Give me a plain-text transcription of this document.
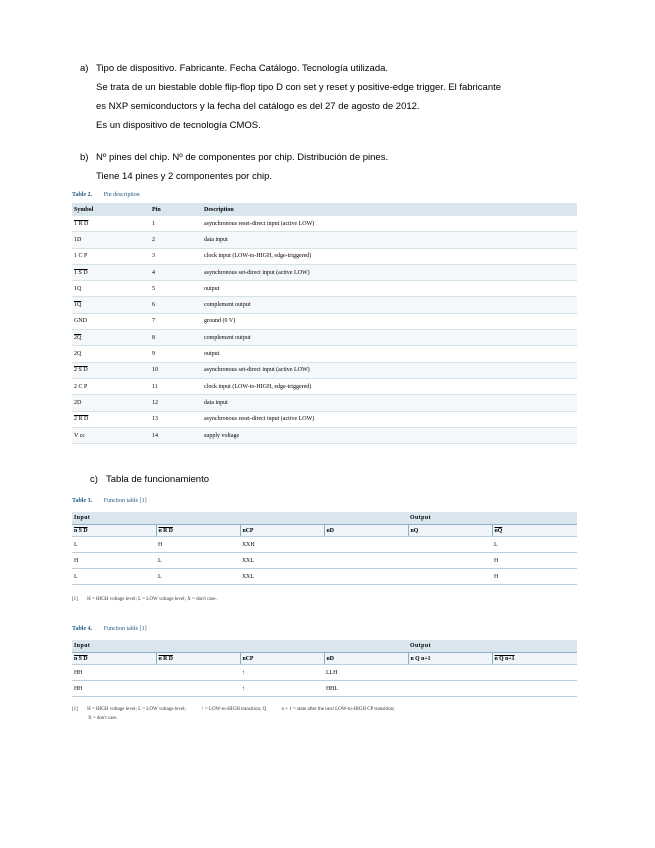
a) Tipo de dispositivo. Fabricante. Fecha Catálogo. Tecnología utilizada.
Se trata de un biestable doble flip-flop tipo D con set y reset y positive-edge trigger. El fabricante
es NXP semiconductors y la fecha del catálogo es del 27 de agosto de 2012.
Es un dispositivo de tecnología CMOS.
b) Nº pines del chip. Nº de componentes por chip. Distribución de pines.
Tiene 14 pines y 2 componentes por chip.
Table 2. Pin description
Symbol	Pin	Description
1 R D	1	asynchronous reset-direct input (active LOW)
1D	2	data input
1 C P	3	clock input (LOW-to-HIGH, edge-triggered)
1 S D	4	asynchronous set-direct input (active LOW)
1Q	5	output
1Q	6	complement output
GND	7	ground (0 V)
2Q	8	complement output
2Q	9	output
2 S D	10	asynchronous set-direct input (active LOW)
2 C P	11	clock input (LOW-to-HIGH, edge-triggered)
2D	12	data input
2 R D	13	asynchronous reset-direct input (active LOW)
V cc	14	supply voltage
c) Tabla de funcionamiento
Table 3. Function table [1]
Input				Output	
n S D	n R D	nCP	nD	nQ	$\overline{nQ}$
L	H	XXH			L
H	L	XXL			H
L	L	XXL			H
[1] H = HIGH voltage level; L = LOW voltage level; X = don't care.
Table 4. Function table [1]
Input				Output	
n S D	n R D	nCP	nD	n Q n+1	n Q n+1
HH		↑	LLH		
HH		↑	HHL		
[1] H = HIGH voltage level; L = LOW voltage level;	↑ = LOW-to-HIGH transition; Q	n + 1 = state after the next LOW-to-HIGH CP transition;
X = don't care.
